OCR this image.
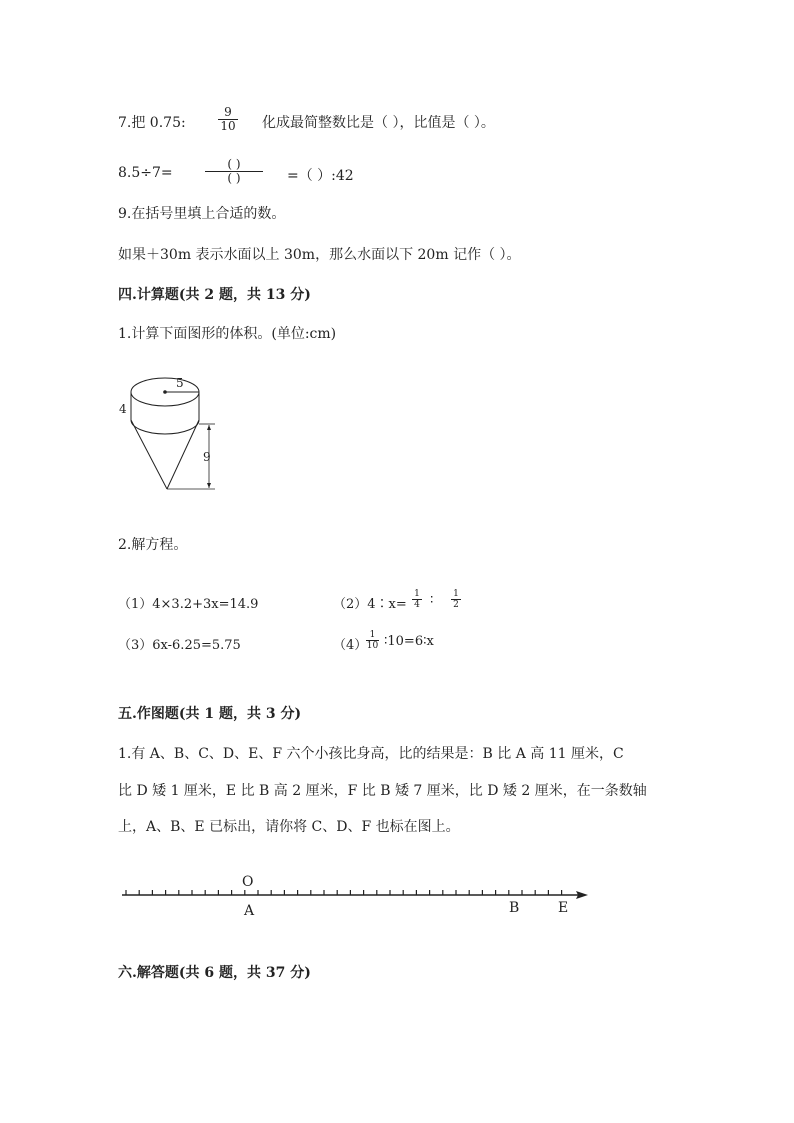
7.把 0.75:
9
10 化成最简整数比是（ ），比值是（ ）。
8.5÷7=
( )
( )	=（ ）:42
9.在括号里填上合适的数。
如果＋30m 表示水面以上 30m，那么水面以下 20m 记作（ ）。
四.计算题(共 2 题，共 13 分)
1.计算下面图形的体积。(单位:cm)
5
4
9
2.解方程。
（1）4×3.2+3x=14.9	（2）4∶x=
1
4 ∶ 1
2
（3）6x-6.25=5.75	（4）
1
10 ∶10=6∶x
五.作图题(共 1 题，共 3 分)
1.有 A、B、C、D、E、F 六个小孩比身高，比的结果是：B 比 A 高 11 厘米，C
比 D 矮 1 厘米，E 比 B 高 2 厘米，F 比 B 矮 7 厘米，比 D 矮 2 厘米，在一条数轴
上，A、B、E 已标出，请你将 C、D、F 也标在图上。
O
A	B	E
六.解答题(共 6 题，共 37 分)
